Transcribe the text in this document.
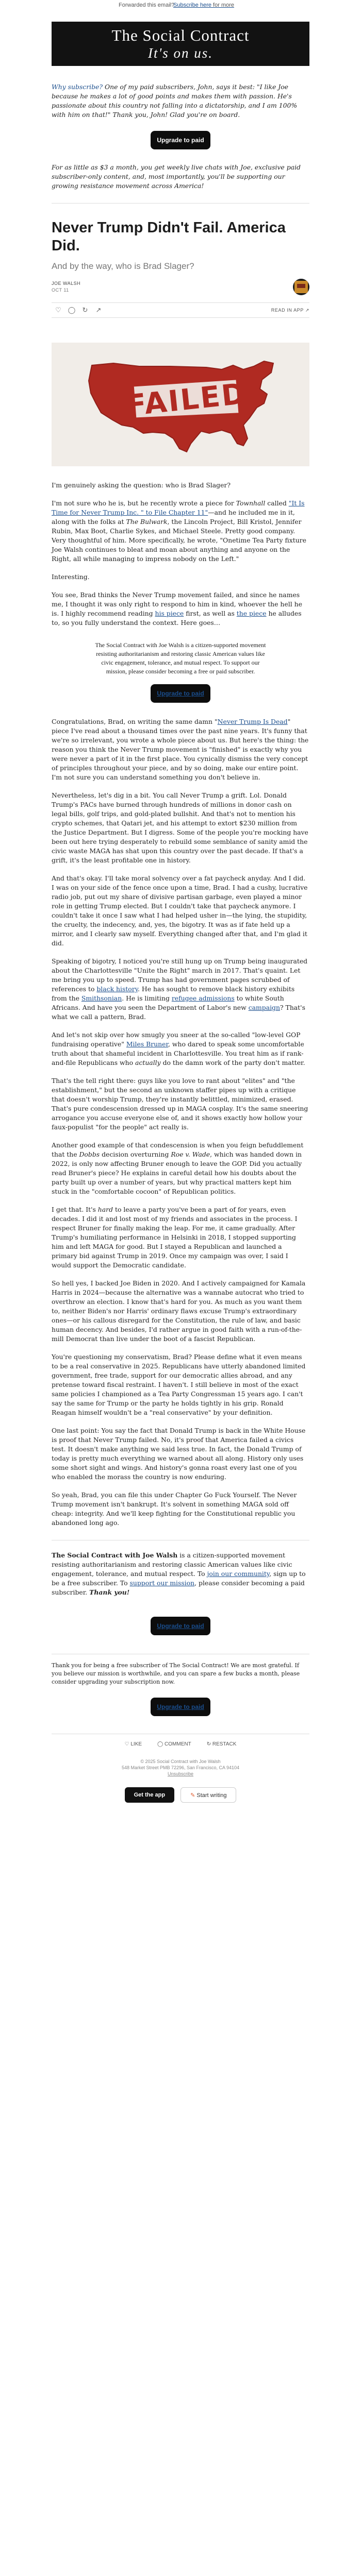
Forwarded this email?
Subscribe here for more
The Social Contract
It's on us.

Why subscribe? One of my paid subscribers, John, says it best: "I like Joe because he makes a lot of good points and makes them with passion. He's passionate about this country not falling into a dictatorship, and I am 100% with him on that!" Thank you, John! Glad you're on board.

Upgrade to paid

For as little as $3 a month, you get weekly live chats with Joe, exclusive paid subscriber-only content, and, most importantly, you'll be supporting our growing resistance movement across America!

Never Trump Didn't Fail. America Did.
And by the way, who is Brad Slager?
JOE WALSH
OCT 11
♡ ◯	↻	↗	READ IN APP ↗
FAILED

I'm genuinely asking the question: who is Brad Slager?

I'm not sure who he is, but he recently wrote a piece for Townhall called "It Is Time for Never Trump Inc. " to File Chapter 11"—and he included me in it, along with the folks at The Bulwark, the Lincoln Project, Bill Kristol, Jennifer Rubin, Max Boot, Charlie Sykes, and Michael Steele. Pretty good company. Very thoughtful of him. More specifically, he wrote, "Onetime Tea Party fixture Joe Walsh continues to bleat and moan about anything and anyone on the Right, all while managing to impress nobody on the Left."

Interesting.

You see, Brad thinks the Never Trump movement failed, and since he names me, I thought it was only right to respond to him in kind, whoever the hell he is. I highly recommend reading his piece first, as well as the piece he alludes to, so you fully understand the context. Here goes…

The Social Contract with Joe Walsh is a citizen-supported movement resisting authoritarianism and restoring classic American values like civic engagement, tolerance, and mutual respect. To support our mission, please consider becoming a free or paid subscriber.

Upgrade to paid

Congratulations, Brad, on writing the same damn "Never Trump Is Dead" piece I've read about a thousand times over the past nine years. It's funny that we're so irrelevant, you wrote a whole piece about us. But here's the thing: the reason you think the Never Trump movement is "finished" is exactly why you were never a part of it in the first place. You cynically dismiss the very concept of principles throughout your piece, and by so doing, make our entire point. I'm not sure you can understand something you don't believe in.

Nevertheless, let's dig in a bit. You call Never Trump a grift. Lol. Donald Trump's PACs have burned through hundreds of millions in donor cash on legal bills, golf trips, and gold-plated bullshit. And that's not to mention his crypto schemes, that Qatari jet, and his attempt to extort $230 million from the Justice Department. But I digress. Some of the people you're mocking have been out here trying desperately to rebuild some semblance of sanity amid the civic waste MAGA has shat upon this country over the past decade. If that's a grift, it's the least profitable one in history.

And that's okay. I'll take moral solvency over a fat paycheck anyday. And I did. I was on your side of the fence once upon a time, Brad. I had a cushy, lucrative radio job, put out my share of divisive partisan garbage, even played a minor role in getting Trump elected. But I couldn't take that paycheck anymore. I couldn't take it once I saw what I had helped usher in—the lying, the stupidity, the cruelty, the indecency, and, yes, the bigotry. It was as if fate held up a mirror, and I clearly saw myself. Everything changed after that, and I'm glad it did.

Speaking of bigotry, I noticed you're still hung up on Trump being inaugurated about the Charlottesville "Unite the Right" march in 2017. That's quaint. Let me bring you up to speed. Trump has had government pages scrubbed of references to black history. He has sought to remove black history exhibits from the Smithsonian. He is limiting refugee admissions to white South Africans. And have you seen the Department of Labor's new campaign? That's what we call a pattern, Brad.

And let's not skip over how smugly you sneer at the so-called "low-level GOP fundraising operative" Miles Bruner, who dared to speak some uncomfortable truth about that shameful incident in Charlottesville. You treat him as if rank-and-file Republicans who actually do the damn work of the party don't matter.

That's the tell right there: guys like you love to rant about "elites" and "the establishment," but the second an unknown staffer pipes up with a critique that doesn't worship Trump, they're instantly belittled, minimized, erased. That's pure condescension dressed up in MAGA cosplay. It's the same sneering arrogance you accuse everyone else of, and it shows exactly how hollow your faux-populist "for the people" act really is.

Another good example of that condescension is when you feign befuddlement that the Dobbs decision overturning Roe v. Wade, which was handed down in 2022, is only now affecting Bruner enough to leave the GOP. Did you actually read Bruner's piece? He explains in careful detail how his doubts about the party built up over a number of years, but why practical matters kept him stuck in the "comfortable cocoon" of Republican politics.

I get that. It's hard to leave a party you've been a part of for years, even decades. I did it and lost most of my friends and associates in the process. I respect Bruner for finally making the leap. For me, it came gradually. After Trump's humiliating performance in Helsinki in 2018, I stopped supporting him and left MAGA for good. But I stayed a Republican and launched a primary bid against Trump in 2019. Once my campaign was over, I said I would support the Democratic candidate.

So hell yes, I backed Joe Biden in 2020. And I actively campaigned for Kamala Harris in 2024—because the alternative was a wannabe autocrat who tried to overthrow an election. I know that's hard for you. As much as you want them to, neither Biden's nor Harris' ordinary flaws excuse Trump's extraordinary ones—or his callous disregard for the Constitution, the rule of law, and basic human decency. And besides, I'd rather argue in good faith with a run-of-the-mill Democrat than live under the boot of a fascist Republican.

You're questioning my conservatism, Brad? Please define what it even means to be a real conservative in 2025. Republicans have utterly abandoned limited government, free trade, support for our democratic allies abroad, and any pretense toward fiscal restraint. I haven't. I still believe in most of the exact same policies I championed as a Tea Party Congressman 15 years ago. I can't say the same for Trump or the party he holds tightly in his grip. Ronald Reagan himself wouldn't be a "real conservative" by your definition.

One last point: You say the fact that Donald Trump is back in the White House is proof that Never Trump failed. No, it's proof that America failed a civics test. It doesn't make anything we said less true. In fact, the Donald Trump of today is pretty much everything we warned about all along. History only uses some short sight and wings. And history's gonna roast every last one of you who enabled the morass the country is now enduring.

So yeah, Brad, you can file this under Chapter Go Fuck Yourself. The Never Trump movement isn't bankrupt. It's solvent in something MAGA sold off cheap: integrity. And we'll keep fighting for the Constitutional republic you abandoned long ago.

The Social Contract with Joe Walsh is a citizen-supported movement resisting authoritarianism and restoring classic American values like civic engagement, tolerance, and mutual respect. To join our community, sign up to be a free subscriber. To support our mission, please consider becoming a paid subscriber. Thank you!

Upgrade to paid

Thank you for being a free subscriber of The Social Contract! We are most grateful. If you believe our mission is worthwhile, and you can spare a few bucks a month, please consider upgrading your subscription now.

Upgrade to paid
♡ LIKE	◯ COMMENT	↻ RESTACK
© 2025 Social Contract with Joe Walsh
548 Market Street PMB 72296, San Francisco, CA 94104
Unsubscribe
Get the app	✎ Start writing
